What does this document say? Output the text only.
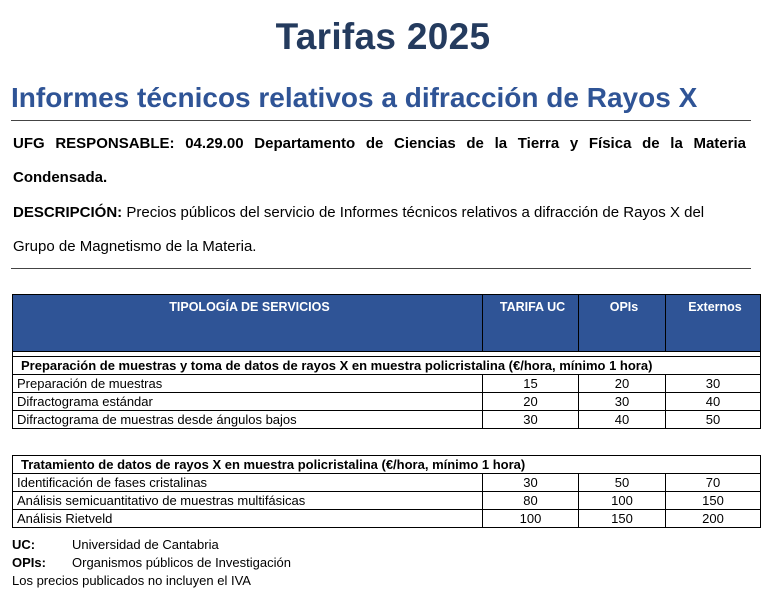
Tarifas 2025
Informes técnicos relativos a difracción de Rayos X
UFG RESPONSABLE: 04.29.00 Departamento de Ciencias de la Tierra y Física de la Materia Condensada.
DESCRIPCIÓN: Precios públicos del servicio de Informes técnicos relativos a difracción de Rayos X del Grupo de Magnetismo de la Materia.
TIPOLOGÍA DE SERVICIOS	TARIFA UC	OPIs	Externos

Preparación de muestras y toma de datos de rayos X en muestra policristalina (€/hora, mínimo 1 hora)			
Preparación de muestras	15	20	30
Difractograma estándar	20	30	40
Difractograma de muestras desde ángulos bajos	30	40	50
Tratamiento de datos de rayos X en muestra policristalina (€/hora, mínimo 1 hora)			
Identificación de fases cristalinas	30	50	70
Análisis semicuantitativo de muestras multifásicas	80	100	150
Análisis Rietveld	100	150	200
UC:	Universidad de Cantabria
OPIs: Organismos públicos de Investigación
Los precios publicados no incluyen el IVA
